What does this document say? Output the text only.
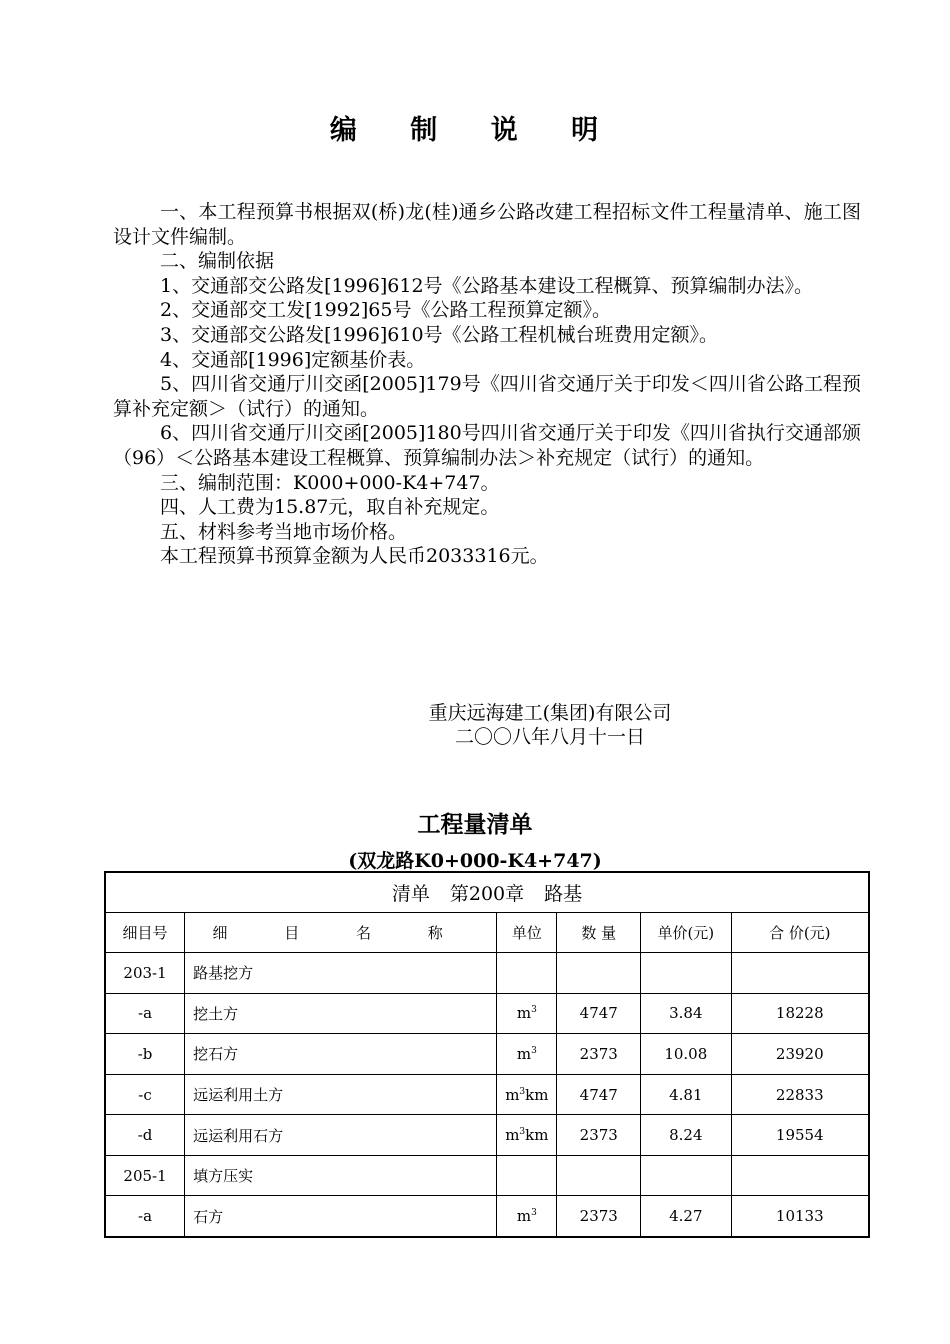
编 制 说 明

一、本工程预算书根据双(桥)龙(桂)通乡公路改建工程招标文件工程量清单、施工图设计文件编制。

二、编制依据

1、交通部交公路发[1996]612号《公路基本建设工程概算、预算编制办法》。

2、交通部交工发[1992]65号《公路工程预算定额》。

3、交通部交公路发[1996]610号《公路工程机械台班费用定额》。

4、交通部[1996]定额基价表。

5、四川省交通厅川交函[2005]179号《四川省交通厅关于印发＜四川省公路工程预算补充定额＞（试行）的通知。

6、四川省交通厅川交函[2005]180号四川省交通厅关于印发《四川省执行交通部颁（96）＜公路基本建设工程概算、预算编制办法＞补充规定（试行）的通知。

三、编制范围：K000+000-K4+747。

四、人工费为15.87元，取自补充规定。

五、材料参考当地市场价格。

本工程预算书预算金额为人民币2033316元。

重庆远海建工(集团)有限公司
二〇〇八年八月十一日
工程量清单
(双龙路K0+000-K4+747)
清单 第200章 路基					
细目号	细 目 名 称	单位	数 量	单价(元)	合 价(元)
203-1	路基挖方				
-a	挖土方	$m^3$	4747	3.84	18228
-b	挖石方	$m^3$	2373	10.08	23920
-c	远运利用土方	$m^3km$	4747	4.81	22833
-d	远运利用石方	$m^3km$	2373	8.24	19554
205-1	填方压实				
-a	石方	$m^3$	2373	4.27	10133
